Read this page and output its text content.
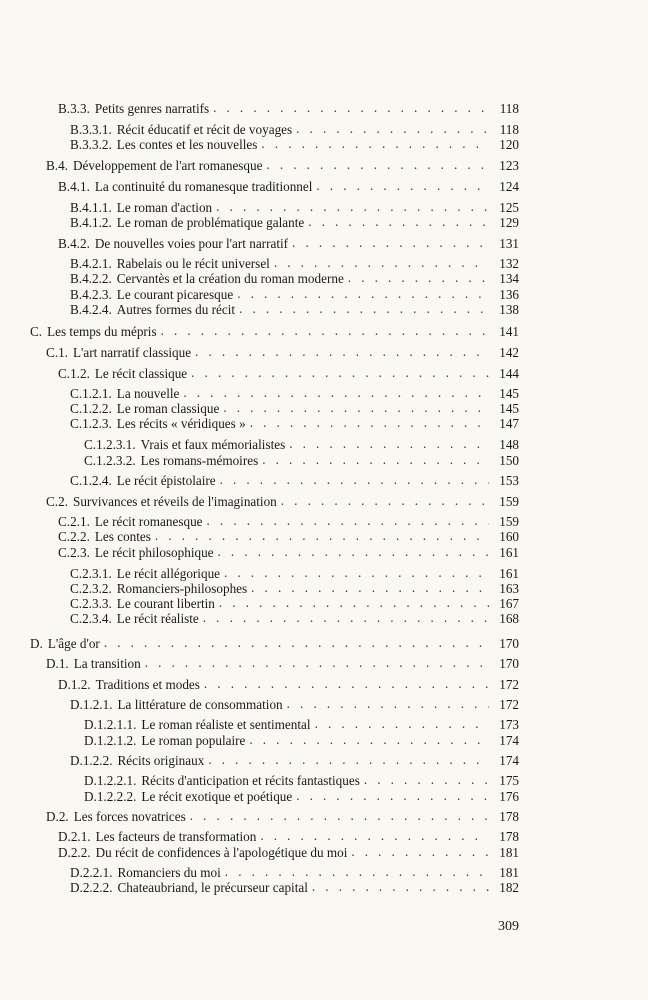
B.3.3. Petits genres narratifs . . .	118
B.3.3.1. Récit éducatif et récit de voyages . . .	118
B.3.3.2. Les contes et les nouvelles . . .	120
B.4. Développement de l'art romanesque . . .	123
B.4.1. La continuité du romanesque traditionnel . . .	124
B.4.1.1. Le roman d'action . . .	125
B.4.1.2. Le roman de problématique galante . . .	129
B.4.2. De nouvelles voies pour l'art narratif . . .	131
B.4.2.1. Rabelais ou le récit universel . . .	132
B.4.2.2. Cervantès et la création du roman moderne . . .	134
B.4.2.3. Le courant picaresque . . .	136
B.4.2.4. Autres formes du récit . . .	138
C. Les temps du mépris . . .	141
C.1. L'art narratif classique . . .	142
C.1.2. Le récit classique . . .	144
C.1.2.1. La nouvelle . . .	145
C.1.2.2. Le roman classique . . .	145
C.1.2.3. Les récits « véridiques » . . .	147
C.1.2.3.1. Vrais et faux mémorialistes . . .	148
C.1.2.3.2. Les romans-mémoires . . .	150
C.1.2.4. Le récit épistolaire . . .	153
C.2. Survivances et réveils de l'imagination . . .	159
C.2.1. Le récit romanesque . . .	159
C.2.2. Les contes . . .	160
C.2.3. Le récit philosophique . . .	161
C.2.3.1. Le récit allégorique . . .	161
C.2.3.2. Romanciers-philosophes . . .	163
C.2.3.3. Le courant libertin . . .	167
C.2.3.4. Le récit réaliste . . .	168
D. L'âge d'or . . .	170
D.1. La transition . . .	170
D.1.2. Traditions et modes . . .	172
D.1.2.1. La littérature de consommation . . .	172
D.1.2.1.1. Le roman réaliste et sentimental . . .	173
D.1.2.1.2. Le roman populaire . . .	174
D.1.2.2. Récits originaux . . .	174
D.1.2.2.1. Récits d'anticipation et récits fantastiques . . .	175
D.1.2.2.2. Le récit exotique et poétique . . .	176
D.2. Les forces novatrices . . .	178
D.2.1. Les facteurs de transformation . . .	178
D.2.2. Du récit de confidences à l'apologétique du moi . . .	181
D.2.2.1. Romanciers du moi . . .	181
D.2.2.2. Chateaubriand, le précurseur capital . . .	182
309
